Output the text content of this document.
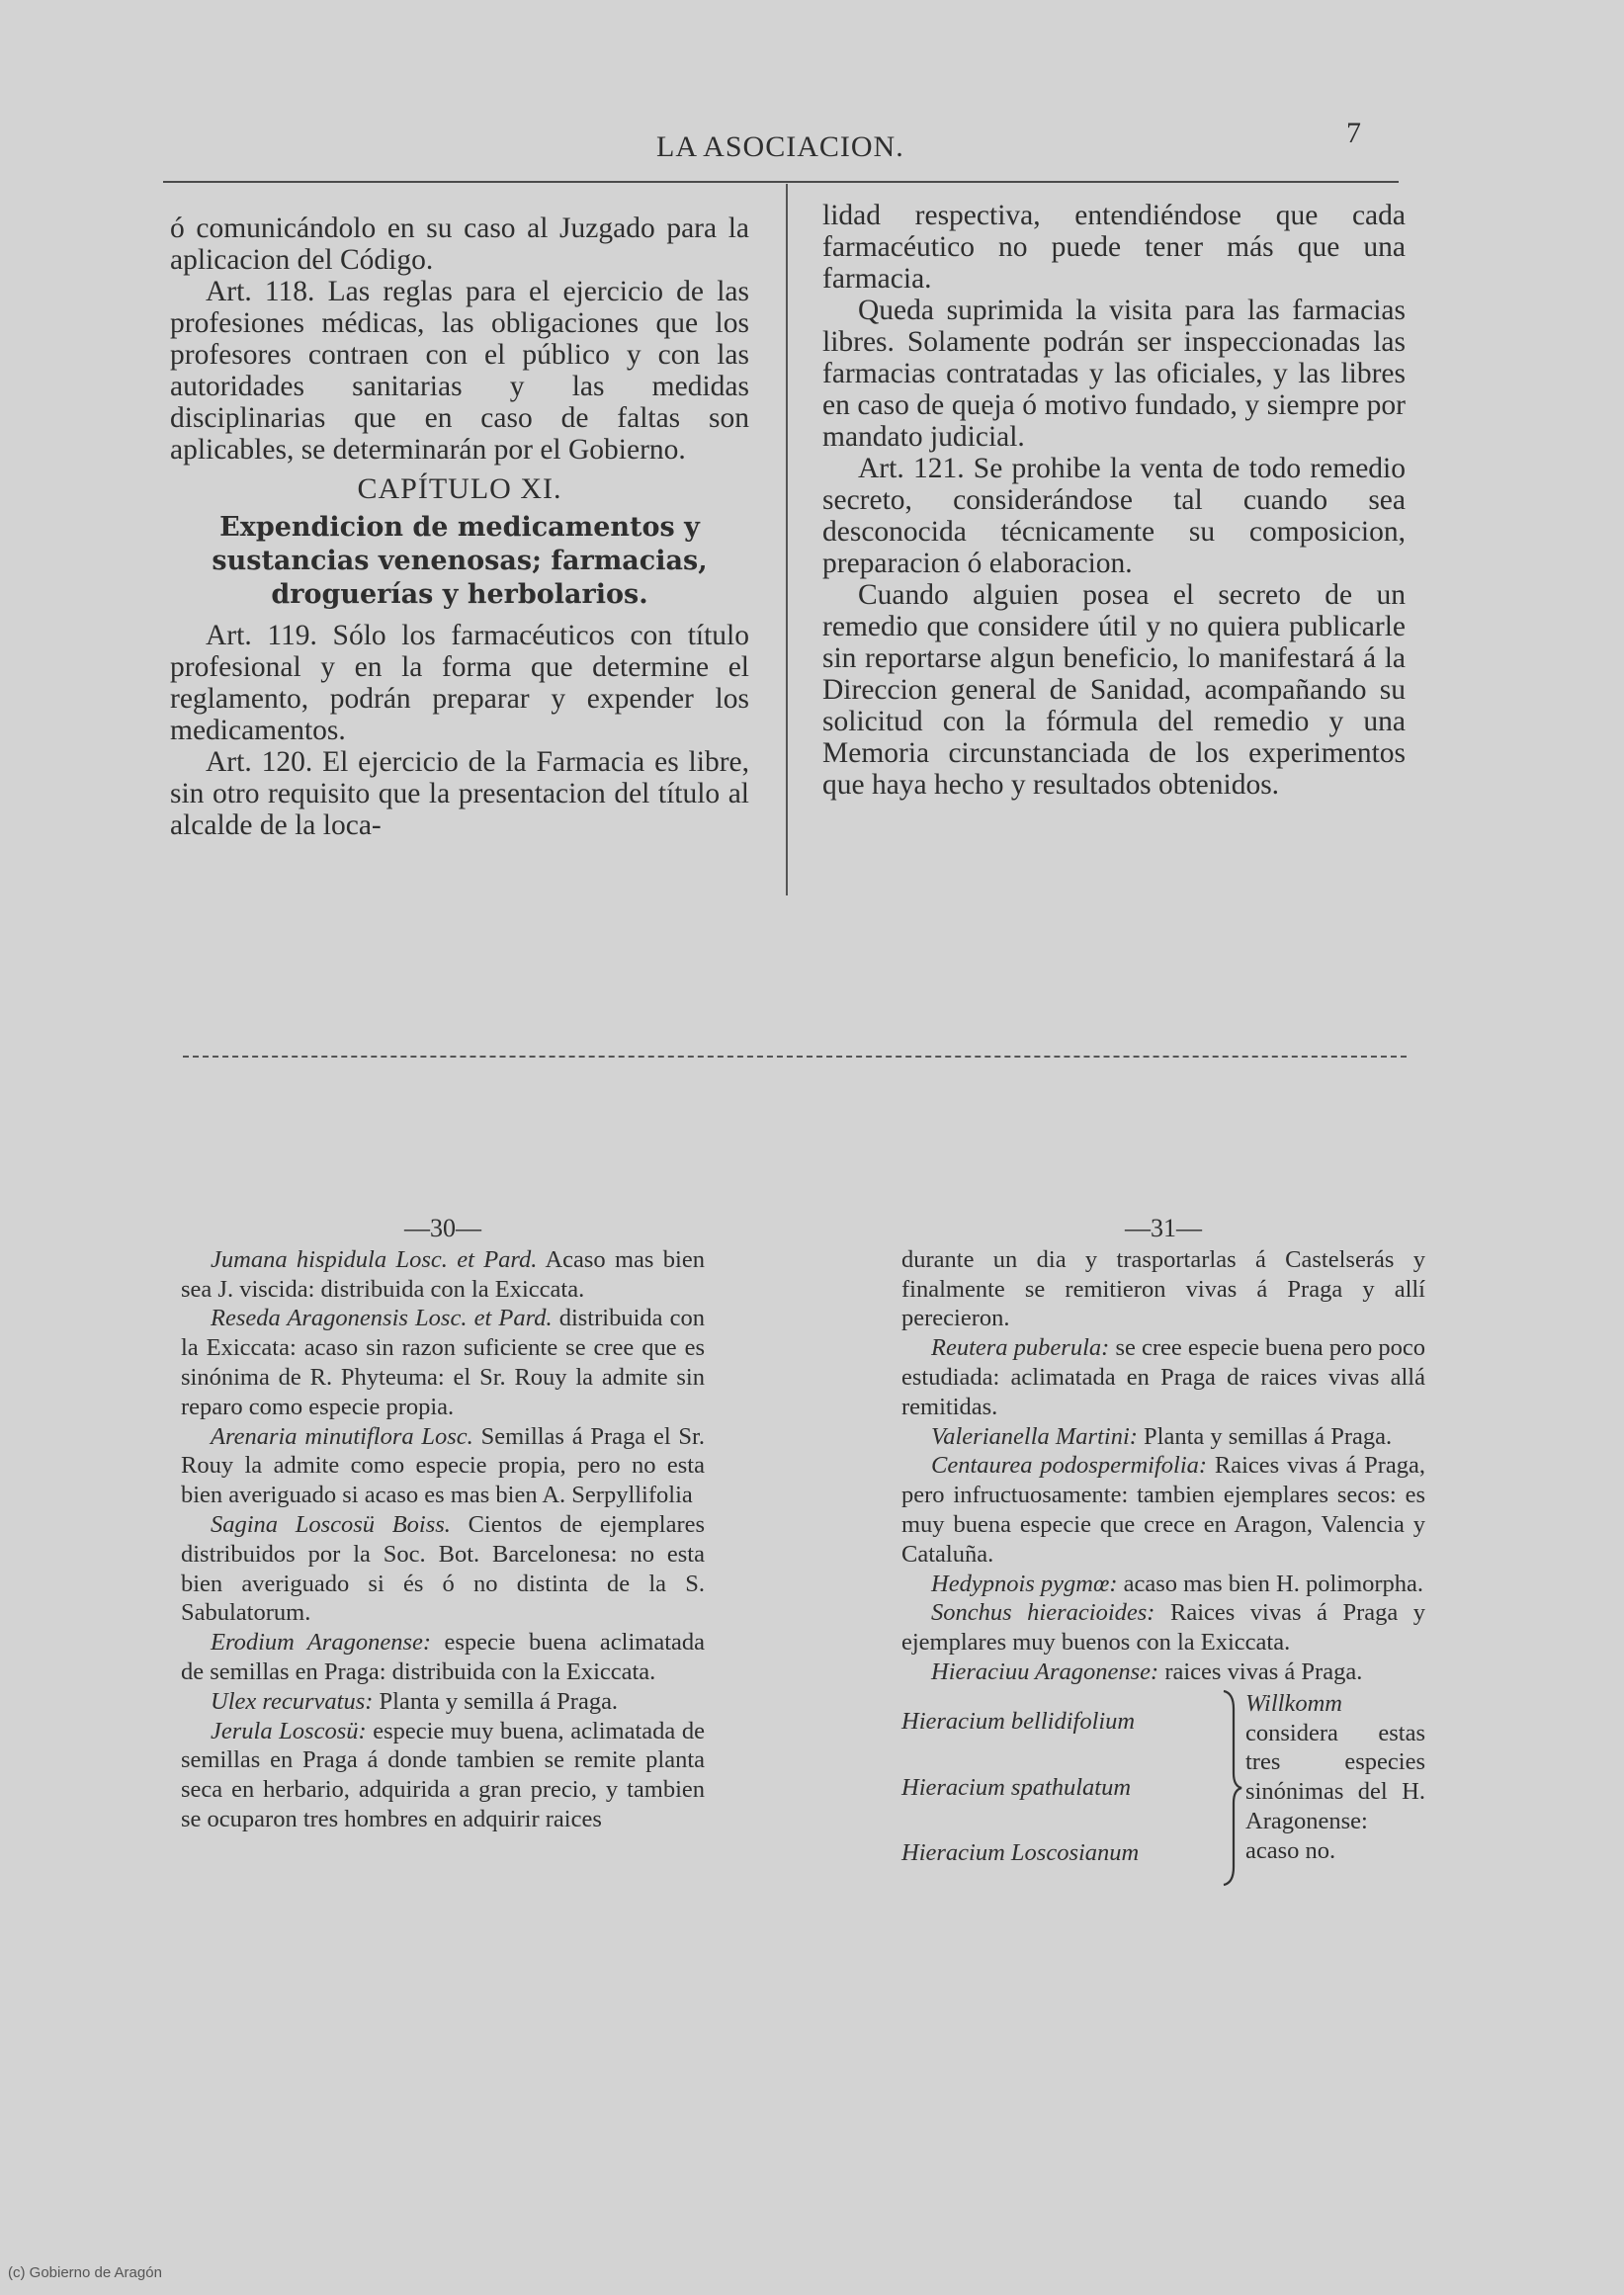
LA ASOCIACION.	7

ó comunicándolo en su caso al Juzgado para la aplicacion del Código.

Art. 118. Las reglas para el ejercicio de las profesiones médicas, las obligaciones que los profesores contraen con el público y con las autoridades sanitarias y las medidas disciplinarias que en caso de faltas son aplicables, se determinarán por el Gobierno.

CAPÍTULO XI.

Expendicion de medicamentos y sustancias venenosas; farmacias, droguerías y herbolarios.

Art. 119. Sólo los farmacéuticos con título profesional y en la forma que determine el reglamento, podrán preparar y expender los medicamentos.

Art. 120. El ejercicio de la Farmacia es libre, sin otro requisito que la presentacion del título al alcalde de la loca-

lidad respectiva, entendiéndose que cada farmacéutico no puede tener más que una farmacia.

Queda suprimida la visita para las farmacias libres. Solamente podrán ser inspeccionadas las farmacias contratadas y las oficiales, y las libres en caso de queja ó motivo fundado, y siempre por mandato judicial.

Art. 121. Se prohibe la venta de todo remedio secreto, considerándose tal cuando sea desconocida técnicamente su composicion, preparacion ó elaboracion.

Cuando alguien posea el secreto de un remedio que considere útil y no quiera publicarle sin reportarse algun beneficio, lo manifestará á la Direccion general de Sanidad, acompañando su solicitud con la fórmula del remedio y una Memoria circunstanciada de los experimentos que haya hecho y resultados obtenidos.

—30—

Jumana hispidula Losc. et Pard. Acaso mas bien sea J. viscida: distribuida con la Exiccata.

Reseda Aragonensis Losc. et Pard. distribuida con la Exiccata: acaso sin razon suficiente se cree que es sinónima de R. Phyteuma: el Sr. Rouy la admite sin reparo como especie propia.

Arenaria minutiflora Losc. Semillas á Praga el Sr. Rouy la admite como especie propia, pero no esta bien averiguado si acaso es mas bien A. Serpyllifolia

Sagina Loscosü Boiss. Cientos de ejemplares distribuidos por la Soc. Bot. Barcelonesa: no esta bien averiguado si és ó no distinta de la S. Sabulatorum.

Erodium Aragonense: especie buena aclimatada de semillas en Praga: distribuida con la Exiccata.

Ulex recurvatus: Planta y semilla á Praga.

Jerula Loscosü: especie muy buena, aclimatada de semillas en Praga á donde tambien se remite planta seca en herbario, adquirida a gran precio, y tambien se ocuparon tres hombres en adquirir raices

—31—

durante un dia y trasportarlas á Castelserás y finalmente se remitieron vivas á Praga y allí perecieron.

Reutera puberula: se cree especie buena pero poco estudiada: aclimatada en Praga de raices vivas allá remitidas.

Valerianella Martini: Planta y semillas á Praga.

Centaurea podospermifolia: Raices vivas á Praga, pero infructuosamente: tambien ejemplares secos: es muy buena especie que crece en Aragon, Valencia y Cataluña.

Hedypnois pygmœ: acaso mas bien H. polimorpha.

Sonchus hieracioides: Raices vivas á Praga y ejemplares muy buenos con la Exiccata.

Hieraciuu Aragonense: raices vivas á Praga.

Hieracium bellidifolium
Hieracium spathulatum
Hieracium Loscosianum
Willkomm considera estas tres especies sinónimas del H. Aragonense: acaso no.
(c) Gobierno de Aragón
